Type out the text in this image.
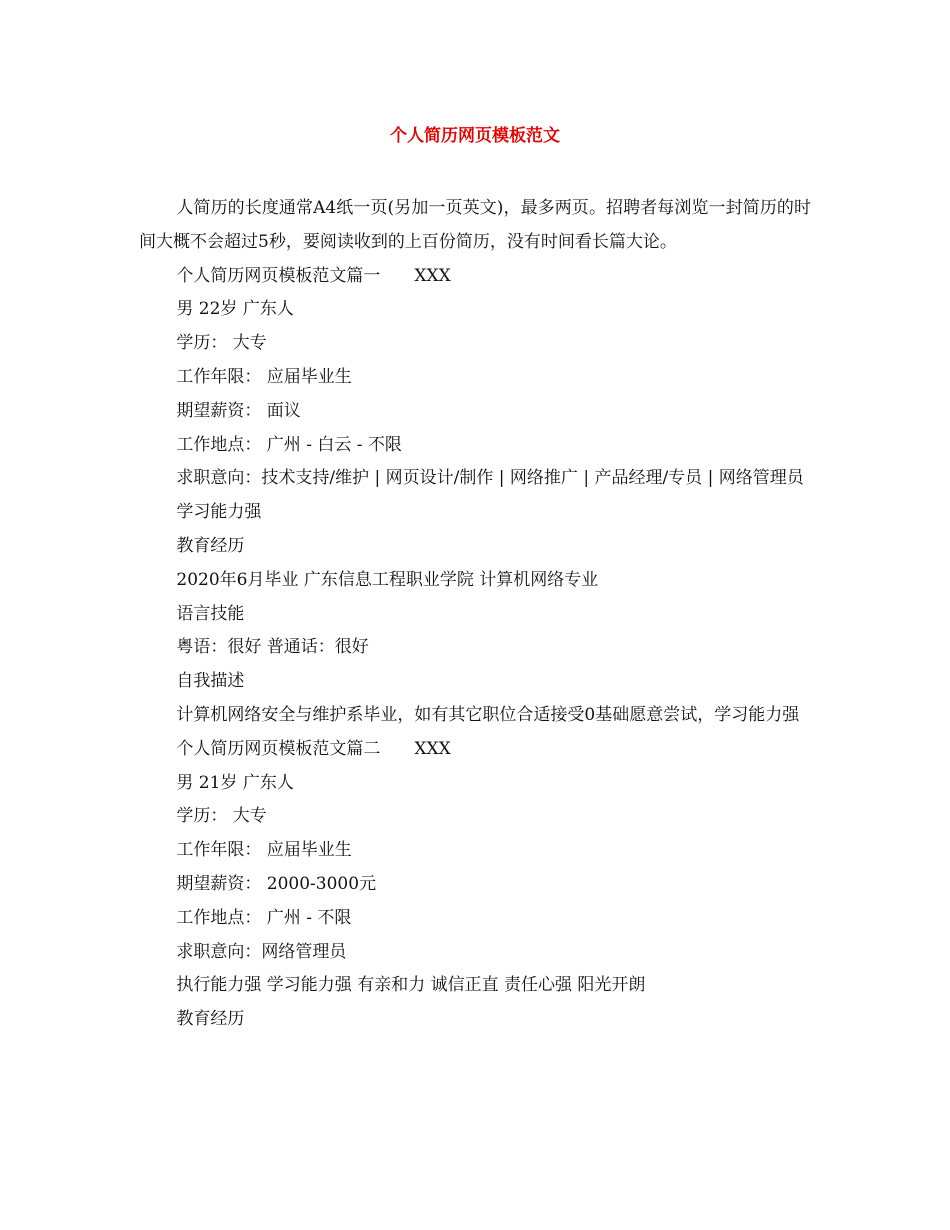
个人简历网页模板范文

人简历的长度通常A4纸一页(另加一页英文)，最多两页。招聘者每浏览一封简历的时间大概不会超过5秒，要阅读收到的上百份简历，没有时间看长篇大论。

个人简历网页模板范文篇一 XXX

男 22岁 广东人

学历： 大专

工作年限： 应届毕业生

期望薪资： 面议

工作地点： 广州 - 白云 - 不限

求职意向：技术支持/维护 | 网页设计/制作 | 网络推广 | 产品经理/专员 | 网络管理员

学习能力强

教育经历

2020年6月毕业 广东信息工程职业学院 计算机网络专业

语言技能

粤语：很好 普通话：很好

自我描述

计算机网络安全与维护系毕业，如有其它职位合适接受0基础愿意尝试，学习能力强

个人简历网页模板范文篇二 XXX

男 21岁 广东人

学历： 大专

工作年限： 应届毕业生

期望薪资： 2000-3000元

工作地点： 广州 - 不限

求职意向：网络管理员

执行能力强 学习能力强 有亲和力 诚信正直 责任心强 阳光开朗

教育经历
